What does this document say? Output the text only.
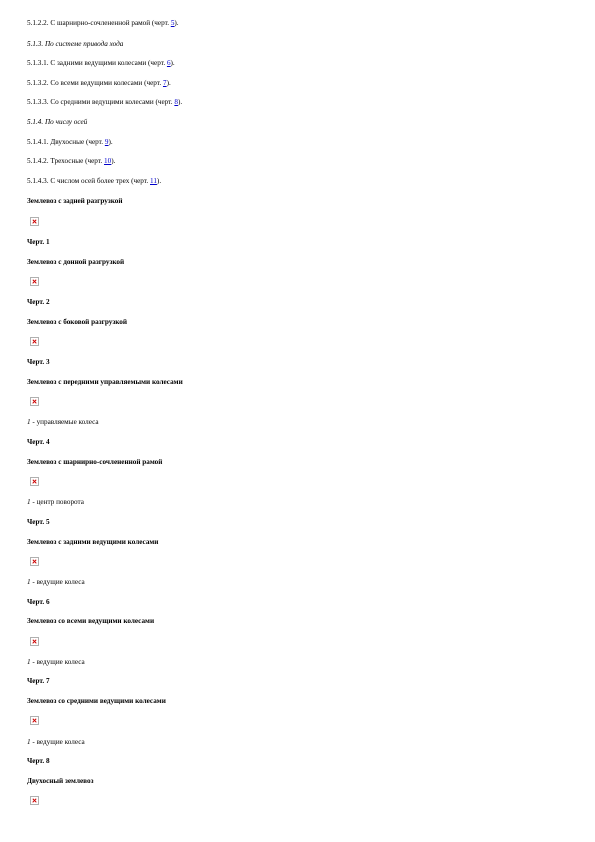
5.1.2.2. С шарнирно-сочлененной рамой (черт. 5).
5.1.3. По системе привода хода
5.1.3.1. С задними ведущими колесами (черт. 6).
5.1.3.2. Со всеми ведущими колесами (черт. 7).
5.1.3.3. Со средними ведущими колесами (черт. 8).
5.1.4. По числу осей
5.1.4.1. Двухосные (черт. 9).
5.1.4.2. Трехосные (черт. 10).
5.1.4.3. С числом осей более трех (черт. 11).
Землевоз с задней разгрузкой
Черт. 1
Землевоз с донной разгрузкой
Черт. 2
Землевоз с боковой разгрузкой
Черт. 3
Землевоз с передними управляемыми колесами
1 - управляемые колеса
Черт. 4
Землевоз с шарнирно-сочлененной рамой
1 - центр поворота
Черт. 5
Землевоз с задними ведущими колесами
1 - ведущие колеса
Черт. 6
Землевоз со всеми ведущими колесами
1 - ведущие колеса
Черт. 7
Землевоз со средними ведущими колесами
1 - ведущие колеса
Черт. 8
Двухосный землевоз
